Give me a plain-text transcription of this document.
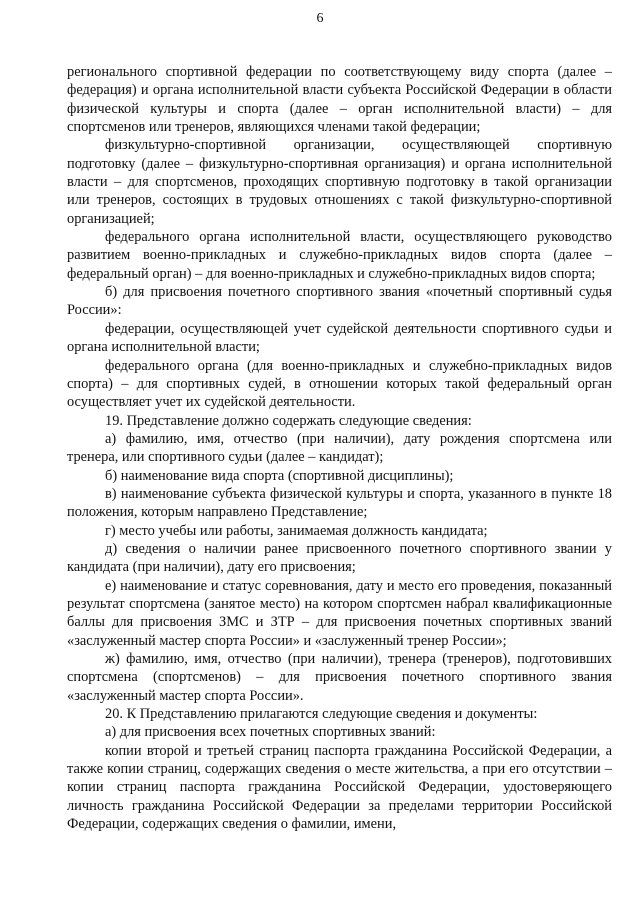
6

регионального спортивной федерации по соответствующему виду спорта (далее – федерация) и органа исполнительной власти субъекта Российской Федерации в области физической культуры и спорта (далее – орган исполнительной власти) – для спортсменов или тренеров, являющихся членами такой федерации;

физкультурно-спортивной организации, осуществляющей спортивную подготовку (далее – физкультурно-спортивная организация) и органа исполнительной власти – для спортсменов, проходящих спортивную подготовку в такой организации или тренеров, состоящих в трудовых отношениях с такой физкультурно-спортивной организацией;

федерального органа исполнительной власти, осуществляющего руководство развитием военно-прикладных и служебно-прикладных видов спорта (далее – федеральный орган) – для военно-прикладных и служебно-прикладных видов спорта;

б) для присвоения почетного спортивного звания «почетный спортивный судья России»:

федерации, осуществляющей учет судейской деятельности спортивного судьи и органа исполнительной власти;

федерального органа (для военно-прикладных и служебно-прикладных видов спорта) – для спортивных судей, в отношении которых такой федеральный орган осуществляет учет их судейской деятельности.

19. Представление должно содержать следующие сведения:

а) фамилию, имя, отчество (при наличии), дату рождения спортсмена или тренера, или спортивного судьи (далее – кандидат);

б) наименование вида спорта (спортивной дисциплины);

в) наименование субъекта физической культуры и спорта, указанного в пункте 18 положения, которым направлено Представление;

г) место учебы или работы, занимаемая должность кандидата;

д) сведения о наличии ранее присвоенного почетного спортивного звании у кандидата (при наличии), дату его присвоения;

е) наименование и статус соревнования, дату и место его проведения, показанный результат спортсмена (занятое место) на котором спортсмен набрал квалификационные баллы для присвоения ЗМС и ЗТР – для присвоения почетных спортивных званий «заслуженный мастер спорта России» и «заслуженный тренер России»;

ж) фамилию, имя, отчество (при наличии), тренера (тренеров), подготовивших спортсмена (спортсменов) – для присвоения почетного спортивного звания «заслуженный мастер спорта России».

20. К Представлению прилагаются следующие сведения и документы:

а) для присвоения всех почетных спортивных званий:

копии второй и третьей страниц паспорта гражданина Российской Федерации, а также копии страниц, содержащих сведения о месте жительства, а при его отсутствии – копии страниц паспорта гражданина Российской Федерации, удостоверяющего личность гражданина Российской Федерации за пределами территории Российской Федерации, содержащих сведения о фамилии, имени,
